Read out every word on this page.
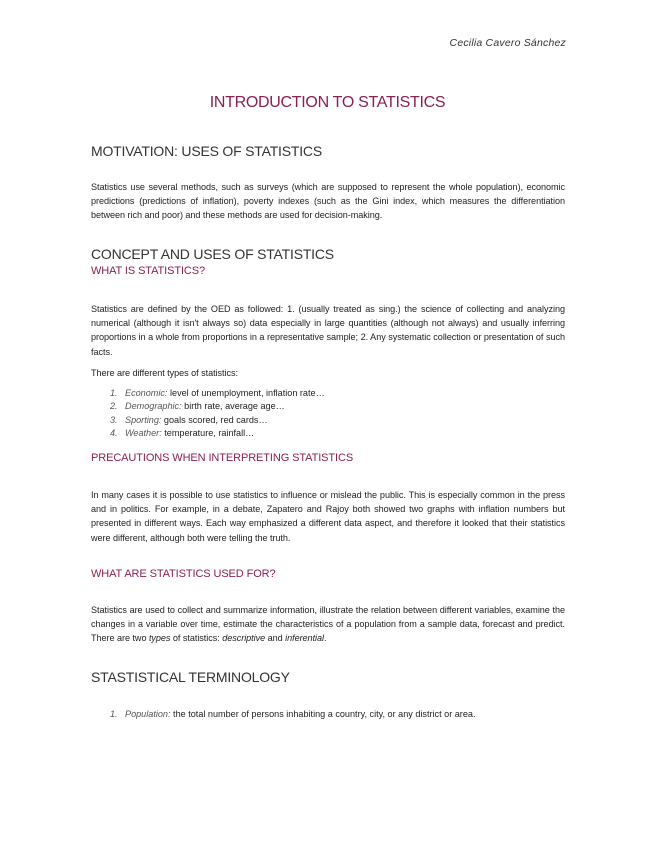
Cecilia Cavero Sánchez
INTRODUCTION TO STATISTICS
MOTIVATION: USES OF STATISTICS

Statistics use several methods, such as surveys (which are supposed to represent the whole population), economic predictions (predictions of inflation), poverty indexes (such as the Gini index, which measures the differentiation between rich and poor) and these methods are used for decision-making.

CONCEPT AND USES OF STATISTICS
WHAT IS STATISTICS?

Statistics are defined by the OED as followed: 1. (usually treated as sing.) the science of collecting and analyzing numerical (although it isn't always so) data especially in large quantities (although not always) and usually inferring proportions in a whole from proportions in a representative sample; 2. Any systematic collection or presentation of such facts.

There are different types of statistics:

1. Economic: level of unemployment, inflation rate…
2. Demographic: birth rate, average age…
3. Sporting: goals scored, red cards…
4. Weather: temperature, rainfall…
PRECAUTIONS WHEN INTERPRETING STATISTICS

In many cases it is possible to use statistics to influence or mislead the public. This is especially common in the press and in politics. For example, in a debate, Zapatero and Rajoy both showed two graphs with inflation numbers but presented in different ways. Each way emphasized a different data aspect, and therefore it looked that their statistics were different, although both were telling the truth.

WHAT ARE STATISTICS USED FOR?

Statistics are used to collect and summarize information, illustrate the relation between different variables, examine the changes in a variable over time, estimate the characteristics of a population from a sample data, forecast and predict. There are two types of statistics: descriptive and inferential.

STASTISTICAL TERMINOLOGY
1. Population: the total number of persons inhabiting a country, city, or any district or area.
